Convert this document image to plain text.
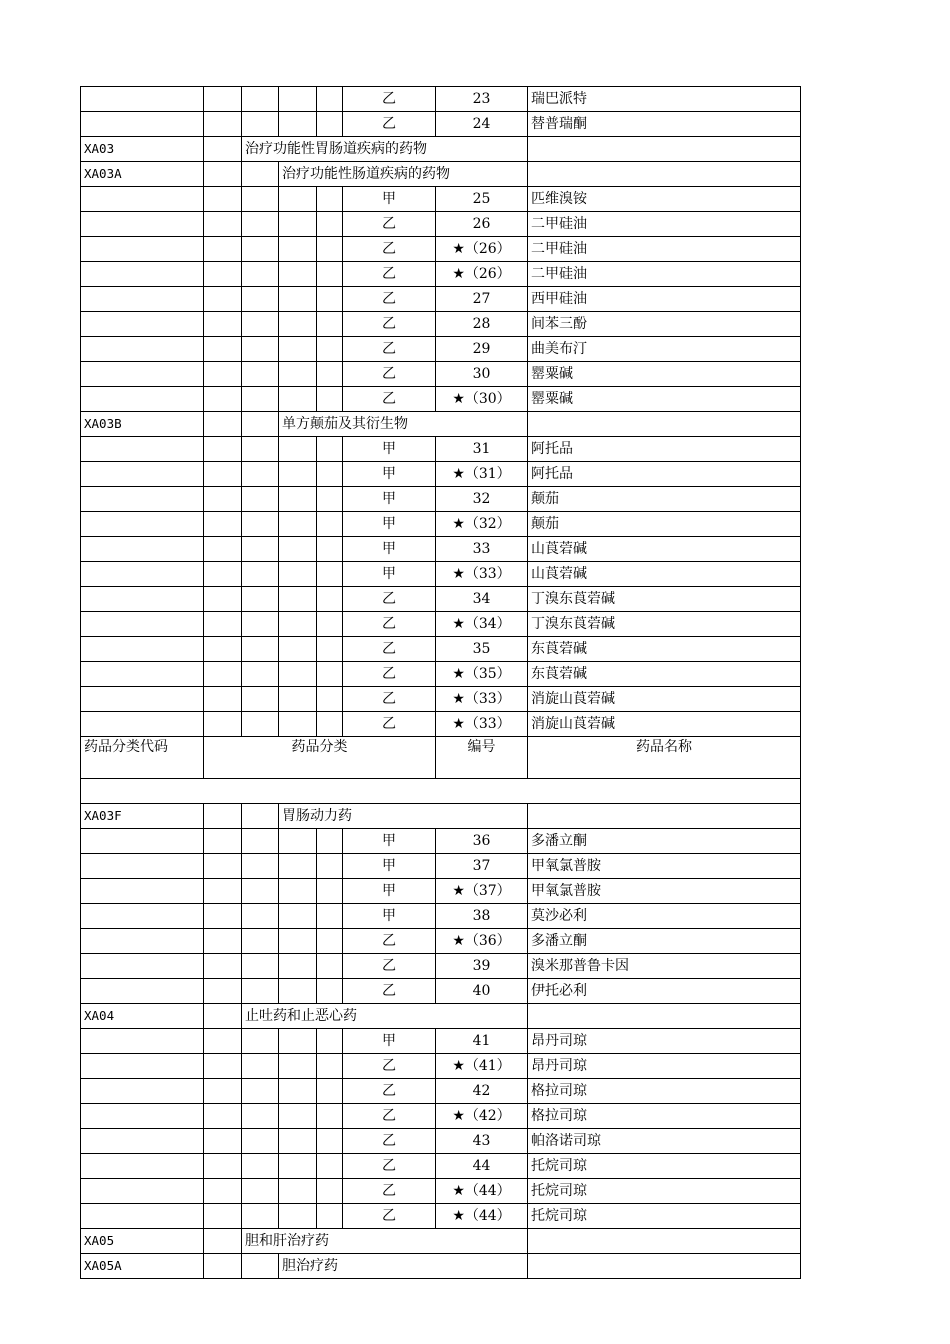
					乙	23	瑞巴派特
					乙	24	替普瑞酮
XA03		治疗功能性胃肠道疾病的药物					
XA03A			治疗功能性肠道疾病的药物				
					甲	25	匹维溴铵
					乙	26	二甲硅油
					乙	★（26）	二甲硅油
					乙	★（26）	二甲硅油
					乙	27	西甲硅油
					乙	28	间苯三酚
					乙	29	曲美布汀
					乙	30	罂粟碱
					乙	★（30）	罂粟碱
XA03B			单方颠茄及其衍生物				
					甲	31	阿托品
					甲	★（31）	阿托品
					甲	32	颠茄
					甲	★（32）	颠茄
					甲	33	山莨菪碱
					甲	★（33）	山莨菪碱
					乙	34	丁溴东莨菪碱
					乙	★（34）	丁溴东莨菪碱
					乙	35	东莨菪碱
					乙	★（35）	东莨菪碱
					乙	★（33）	消旋山莨菪碱
					乙	★（33）	消旋山莨菪碱
药品分类代码	药品分类					编号	药品名称

XA03F			胃肠动力药				
					甲	36	多潘立酮
					甲	37	甲氧氯普胺
					甲	★（37）	甲氧氯普胺
					甲	38	莫沙必利
					乙	★（36）	多潘立酮
					乙	39	溴米那普鲁卡因
					乙	40	伊托必利
XA04		止吐药和止恶心药					
					甲	41	昂丹司琼
					乙	★（41）	昂丹司琼
					乙	42	格拉司琼
					乙	★（42）	格拉司琼
					乙	43	帕洛诺司琼
					乙	44	托烷司琼
					乙	★（44）	托烷司琼
					乙	★（44）	托烷司琼
XA05		胆和肝治疗药					
XA05A			胆治疗药				
